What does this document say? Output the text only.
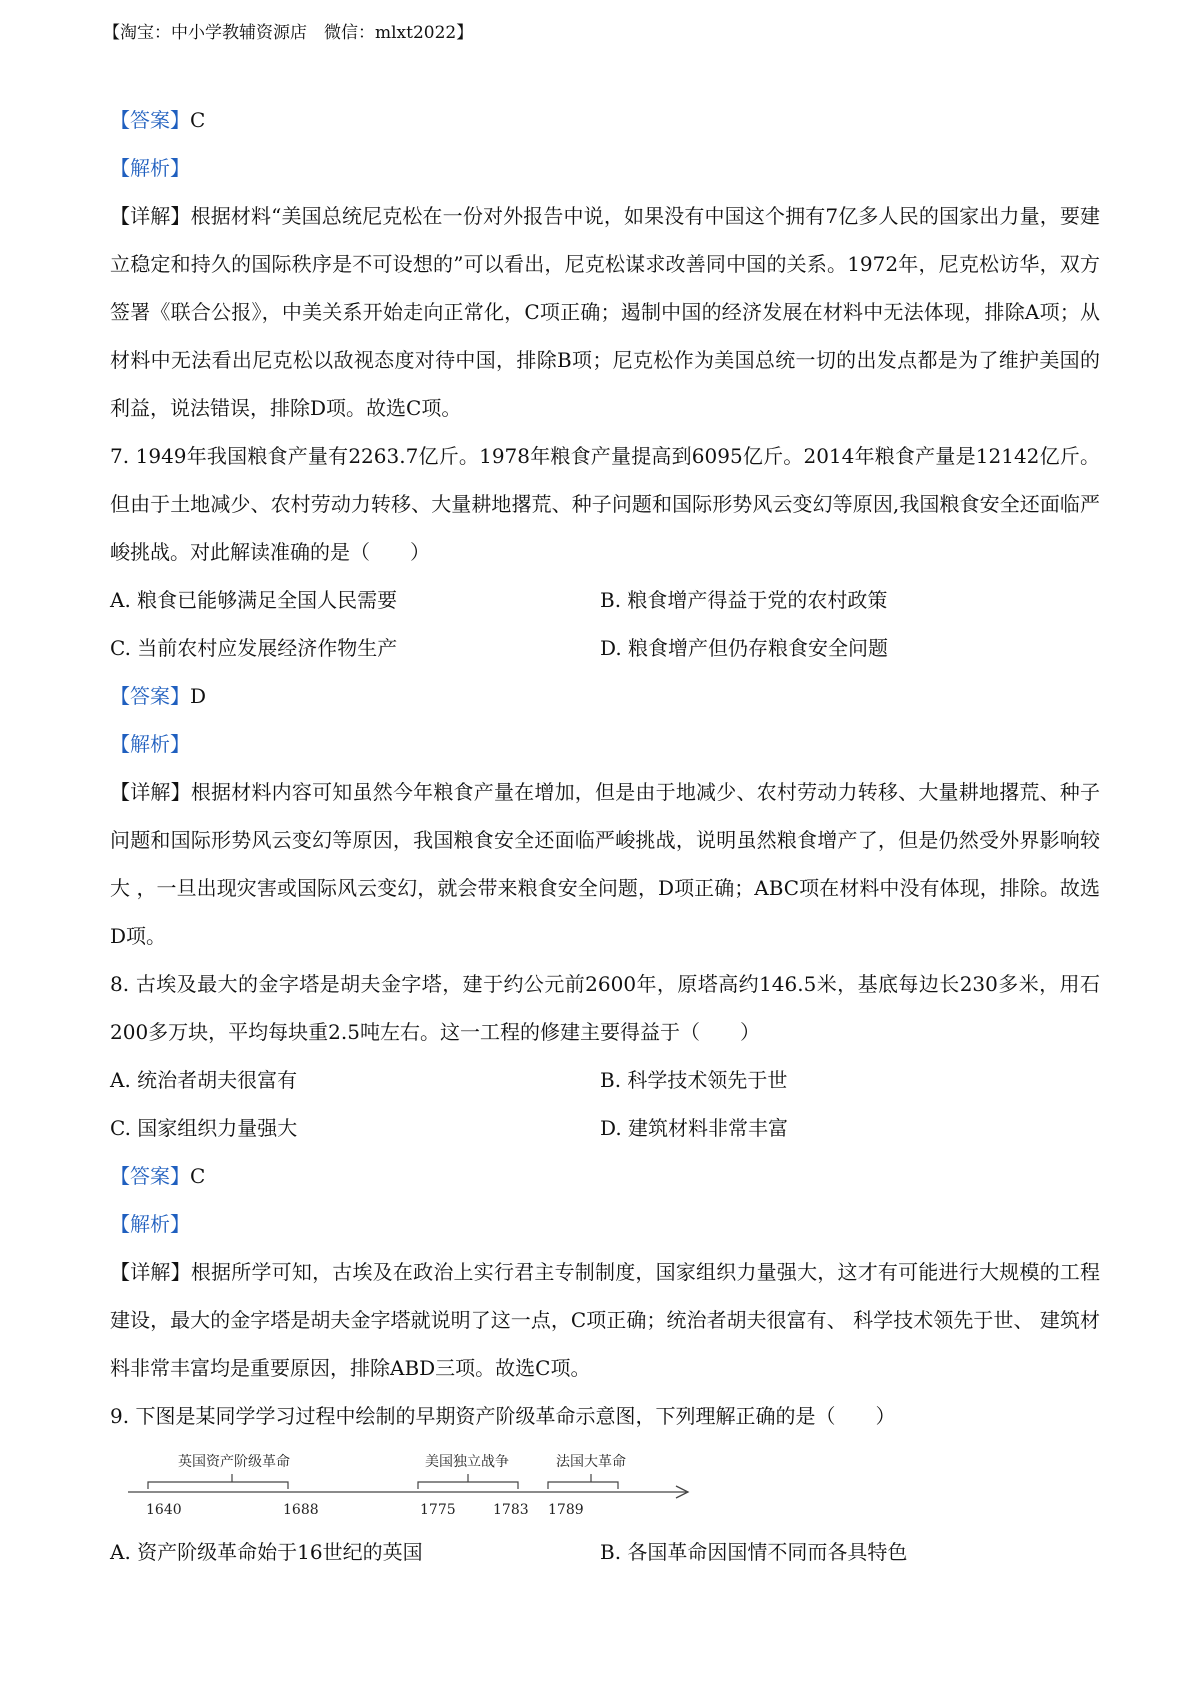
【淘宝：中小学教辅资源店　微信：mlxt2022】
【答案】C
【解析】
【详解】根据材料“美国总统尼克松在一份对外报告中说，如果没有中国这个拥有7亿多人民的国家出力量，要建立稳定和持久的国际秩序是不可设想的”可以看出，尼克松谋求改善同中国的关系。1972年，尼克松访华，双方签署《联合公报》，中美关系开始走向正常化，C项正确；遏制中国的经济发展在材料中无法体现，排除A项；从材料中无法看出尼克松以敌视态度对待中国，排除B项；尼克松作为美国总统一切的出发点都是为了维护美国的利益，说法错误，排除D项。故选C项。
7. 1949年我国粮食产量有2263.7亿斤。1978年粮食产量提高到6095亿斤。2014年粮食产量是12142亿斤。但由于土地减少、农村劳动力转移、大量耕地撂荒、种子问题和国际形势风云变幻等原因,我国粮食安全还面临严峻挑战。对此解读准确的是（　　）
A. 粮食已能够满足全国人民需要	B. 粮食增产得益于党的农村政策
C. 当前农村应发展经济作物生产	D. 粮食增产但仍存粮食安全问题
【答案】D
【解析】
【详解】根据材料内容可知虽然今年粮食产量在增加，但是由于地减少、农村劳动力转移、大量耕地撂荒、种子问题和国际形势风云变幻等原因，我国粮食安全还面临严峻挑战，说明虽然粮食增产了，但是仍然受外界影响较大 ，一旦出现灾害或国际风云变幻，就会带来粮食安全问题，D项正确；ABC项在材料中没有体现，排除。故选D项。
8. 古埃及最大的金字塔是胡夫金字塔，建于约公元前2600年，原塔高约146.5米，基底每边长230多米，用石200多万块，平均每块重2.5吨左右。这一工程的修建主要得益于（　　）
A. 统治者胡夫很富有	B. 科学技术领先于世
C. 国家组织力量强大	D. 建筑材料非常丰富
【答案】C
【解析】
【详解】根据所学可知，古埃及在政治上实行君主专制制度，国家组织力量强大，这才有可能进行大规模的工程建设，最大的金字塔是胡夫金字塔就说明了这一点，C项正确；统治者胡夫很富有、 科学技术领先于世、 建筑材料非常丰富均是重要原因，排除ABD三项。故选C项。
9. 下图是某同学学习过程中绘制的早期资产阶级革命示意图，下列理解正确的是（　　）
英国资产阶级革命
1640	1688
美国独立战争
1775	1783
法国大革命
1789
A. 资产阶级革命始于16世纪的英国	B. 各国革命因国情不同而各具特色
